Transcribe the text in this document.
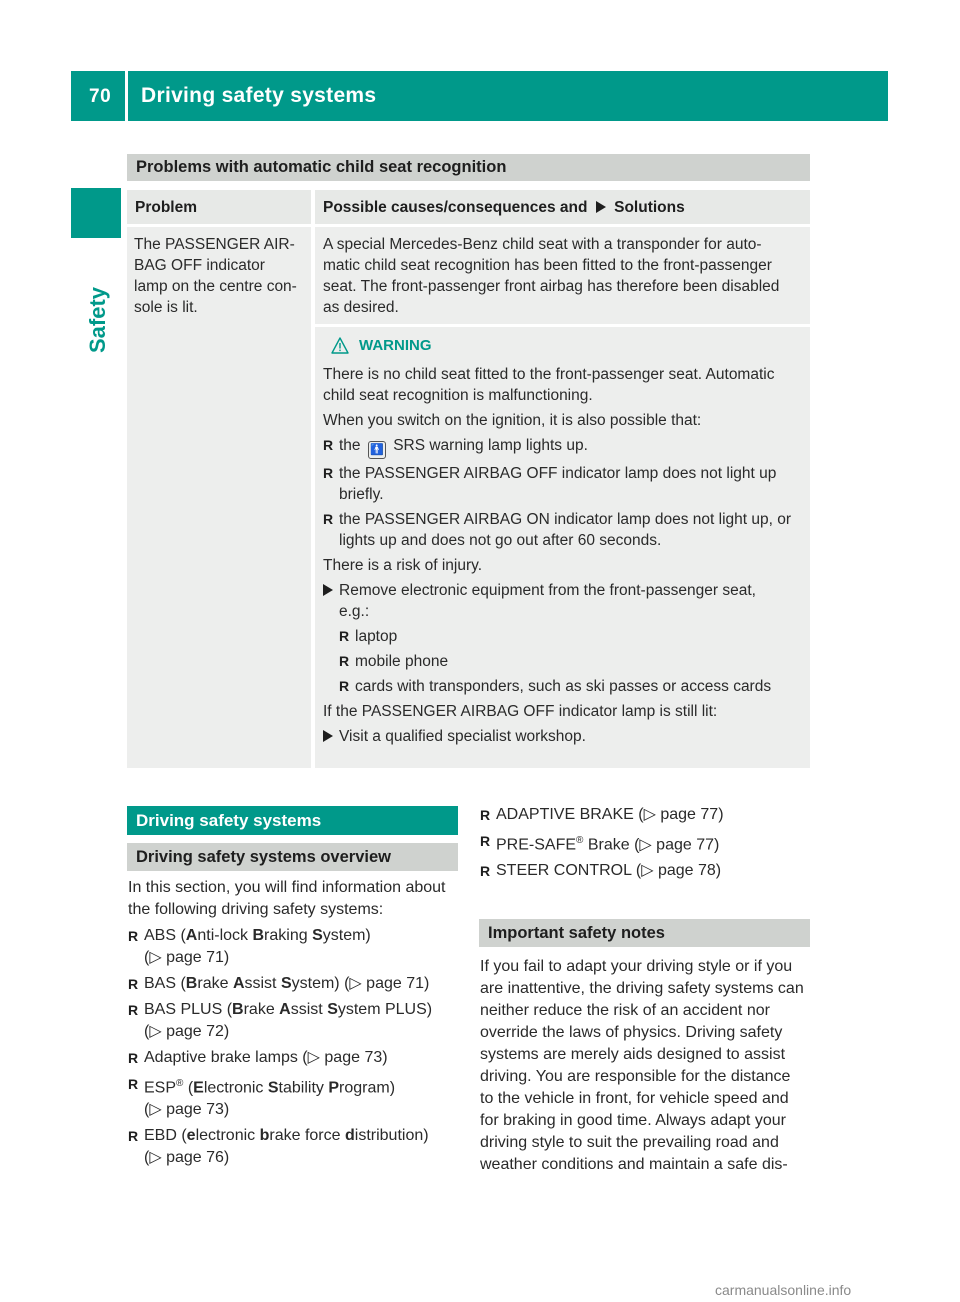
70 Driving safety systems
Safety
Problems with automatic child seat recognition
Problem	Possible causes/consequences and Solutions
The PASSENGER AIR-
BAG OFF indicator
lamp on the centre con-
sole is lit.
A special Mercedes-Benz child seat with a transponder for auto-
matic child seat recognition has been fitted to the front-passenger
seat. The front-passenger front airbag has therefore been disabled
as desired.
WARNING
There is no child seat fitted to the front-passenger seat. Automatic
child seat recognition is malfunctioning.
When you switch on the ignition, it is also possible that:
R the 🚹 SRS warning lamp lights up.
R the PASSENGER AIRBAG OFF indicator lamp does not light up
briefly.
R the PASSENGER AIRBAG ON indicator lamp does not light up, or
lights up and does not go out after 60 seconds.
There is a risk of injury.
Remove electronic equipment from the front-passenger seat,
e.g.:
R laptop
R mobile phone
R cards with transponders, such as ski passes or access cards
If the PASSENGER AIRBAG OFF indicator lamp is still lit:
Visit a qualified specialist workshop.
Driving safety systems
Driving safety systems overview
In this section, you will find information about
the following driving safety systems:
R ABS (Anti-lock Braking System)
(▷ page 71)
R BAS (Brake Assist System) (▷ page 71)
R BAS PLUS (Brake Assist System PLUS)
(▷ page 72)
R Adaptive brake lamps (▷ page 73)
R ESP® (Electronic Stability Program)
(▷ page 73)
R EBD (electronic brake force distribution)
(▷ page 76)
R ADAPTIVE BRAKE (▷ page 77)
R PRE-SAFE® Brake (▷ page 77)
R STEER CONTROL (▷ page 78)
Important safety notes
If you fail to adapt your driving style or if you
are inattentive, the driving safety systems can
neither reduce the risk of an accident nor
override the laws of physics. Driving safety
systems are merely aids designed to assist
driving. You are responsible for the distance
to the vehicle in front, for vehicle speed and
for braking in good time. Always adapt your
driving style to suit the prevailing road and
weather conditions and maintain a safe dis-
carmanualsonline.info
